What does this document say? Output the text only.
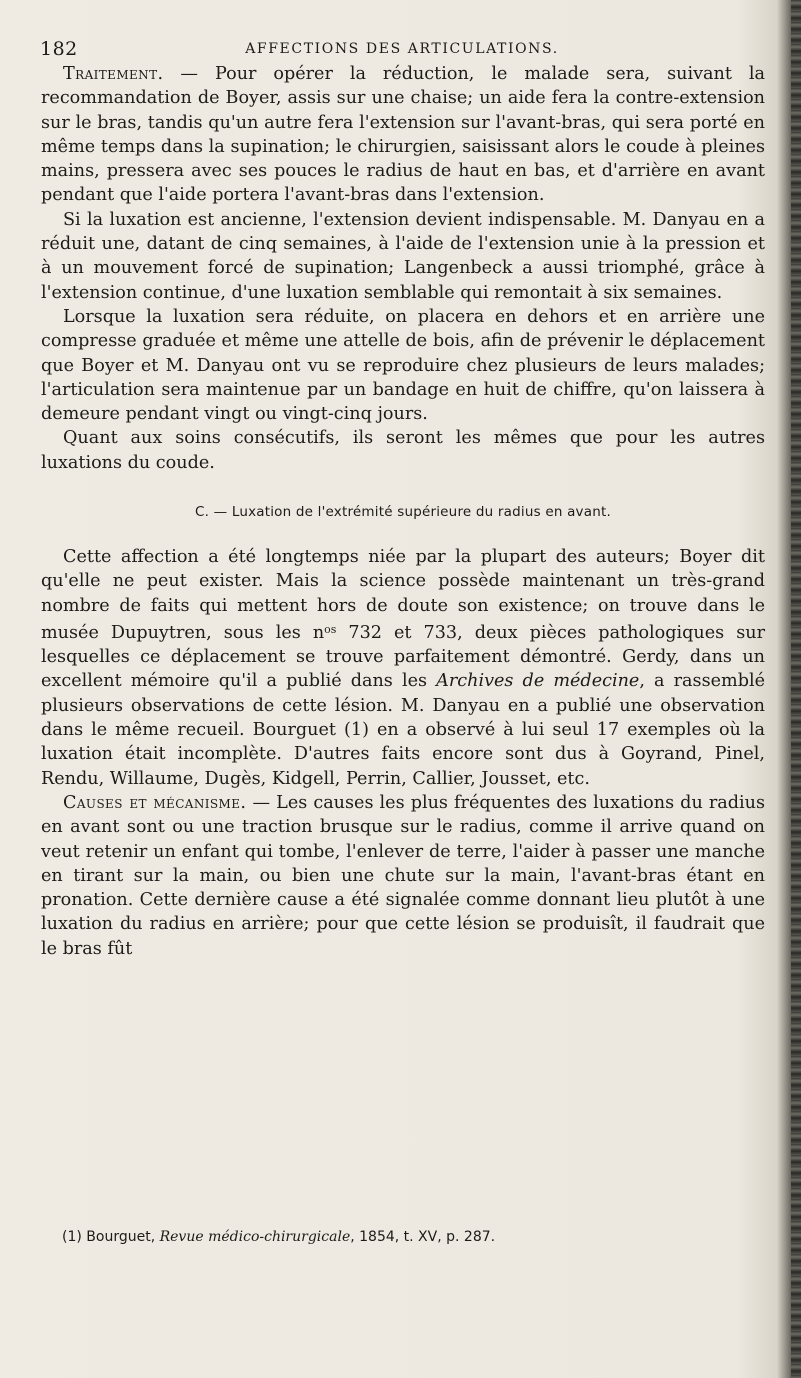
182	AFFECTIONS DES ARTICULATIONS.

Traitement. — Pour opérer la réduction, le malade sera, suivant la recommandation de Boyer, assis sur une chaise; un aide fera la contre-extension sur le bras, tandis qu'un autre fera l'extension sur l'avant-bras, qui sera porté en même temps dans la supination; le chirurgien, saisissant alors le coude à pleines mains, pressera avec ses pouces le radius de haut en bas, et d'arrière en avant pendant que l'aide portera l'avant-bras dans l'extension.

Si la luxation est ancienne, l'extension devient indispensable. M. Danyau en a réduit une, datant de cinq semaines, à l'aide de l'extension unie à la pression et à un mouvement forcé de supination; Langenbeck a aussi triomphé, grâce à l'extension continue, d'une luxation semblable qui remontait à six semaines.

Lorsque la luxation sera réduite, on placera en dehors et en arrière une compresse graduée et même une attelle de bois, afin de prévenir le déplacement que Boyer et M. Danyau ont vu se reproduire chez plusieurs de leurs malades; l'articulation sera maintenue par un bandage en huit de chiffre, qu'on laissera à demeure pendant vingt ou vingt-cinq jours.

Quant aux soins consécutifs, ils seront les mêmes que pour les autres luxations du coude.

C. — Luxation de l'extrémité supérieure du radius en avant.

Cette affection a été longtemps niée par la plupart des auteurs; Boyer dit qu'elle ne peut exister. Mais la science possède maintenant un très-grand nombre de faits qui mettent hors de doute son existence; on trouve dans le musée Dupuytren, sous les $n^{os}$ 732 et 733, deux pièces pathologiques sur lesquelles ce déplacement se trouve parfaitement démontré. Gerdy, dans un excellent mémoire qu'il a publié dans les Archives de médecine, a rassemblé plusieurs observations de cette lésion. M. Danyau en a publié une observation dans le même recueil. Bourguet (1) en a observé à lui seul 17 exemples où la luxation était incomplète. D'autres faits encore sont dus à Goyrand, Pinel, Rendu, Willaume, Dugès, Kidgell, Perrin, Callier, Jousset, etc.

Causes et mécanisme. — Les causes les plus fréquentes des luxations du radius en avant sont ou une traction brusque sur le radius, comme il arrive quand on veut retenir un enfant qui tombe, l'enlever de terre, l'aider à passer une manche en tirant sur la main, ou bien une chute sur la main, l'avant-bras étant en pronation. Cette dernière cause a été signalée comme donnant lieu plutôt à une luxation du radius en arrière; pour que cette lésion se produisît, il faudrait que le bras fût

(1) Bourguet, Revue médico-chirurgicale, 1854, t. XV, p. 287.
